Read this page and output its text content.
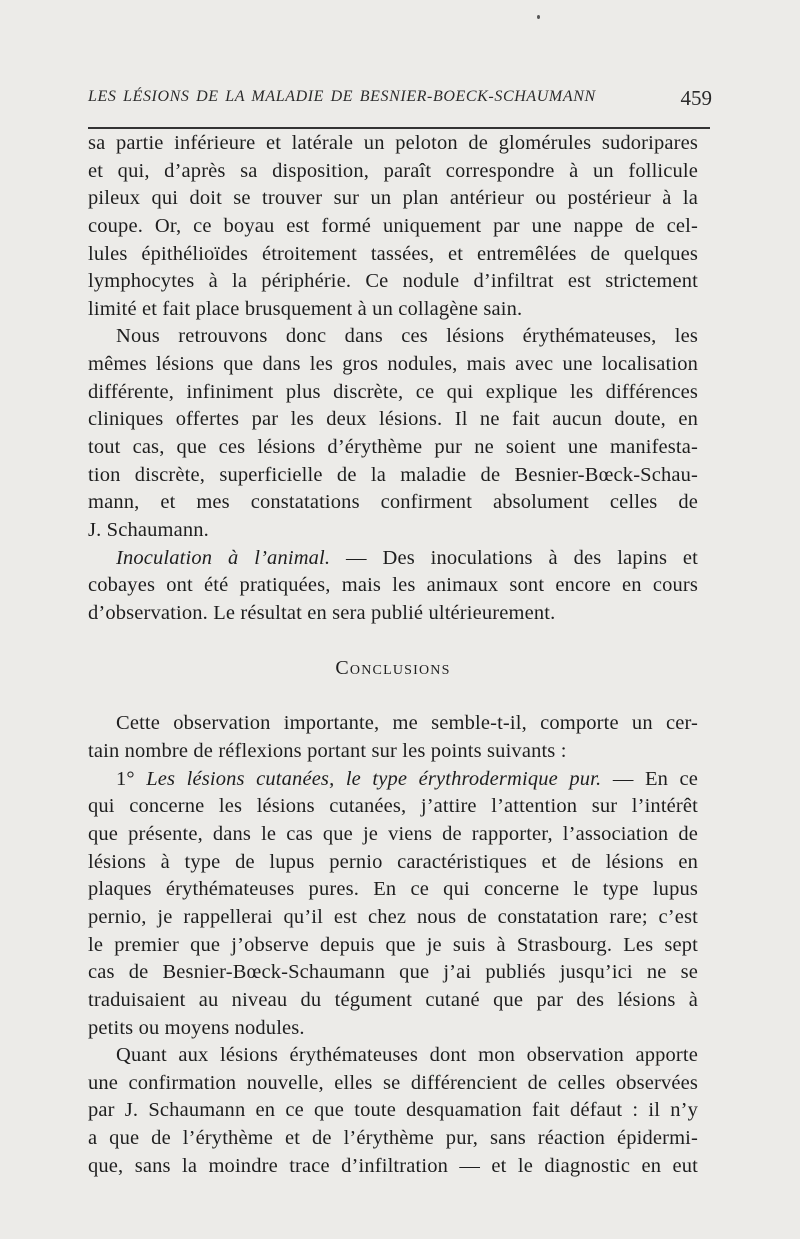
LES LÉSIONS DE LA MALADIE DE BESNIER-BOECK-SCHAUMANN	459
sa partie inférieure et latérale un peloton de glomérules sudoripares
et qui, d’après sa disposition, paraît correspondre à un follicule
pileux qui doit se trouver sur un plan antérieur ou postérieur à la
coupe. Or, ce boyau est formé uniquement par une nappe de cel-
lules épithélioïdes étroitement tassées, et entremêlées de quelques
lymphocytes à la périphérie. Ce nodule d’infiltrat est strictement
limité et fait place brusquement à un collagène sain.
Nous retrouvons donc dans ces lésions érythémateuses, les
mêmes lésions que dans les gros nodules, mais avec une localisation
différente, infiniment plus discrète, ce qui explique les différences
cliniques offertes par les deux lésions. Il ne fait aucun doute, en
tout cas, que ces lésions d’érythème pur ne soient une manifesta-
tion discrète, superficielle de la maladie de Besnier-Bœck-Schau-
mann, et mes constatations confirment absolument celles de
J. Schaumann.
Inoculation à l’animal. — Des inoculations à des lapins et
cobayes ont été pratiquées, mais les animaux sont encore en cours
d’observation. Le résultat en sera publié ultérieurement.
Conclusions
Cette observation importante, me semble-t-il, comporte un cer-
tain nombre de réflexions portant sur les points suivants :
1° Les lésions cutanées, le type érythrodermique pur. — En ce
qui concerne les lésions cutanées, j’attire l’attention sur l’intérêt
que présente, dans le cas que je viens de rapporter, l’association de
lésions à type de lupus pernio caractéristiques et de lésions en
plaques érythémateuses pures. En ce qui concerne le type lupus
pernio, je rappellerai qu’il est chez nous de constatation rare; c’est
le premier que j’observe depuis que je suis à Strasbourg. Les sept
cas de Besnier-Bœck-Schaumann que j’ai publiés jusqu’ici ne se
traduisaient au niveau du tégument cutané que par des lésions à
petits ou moyens nodules.
Quant aux lésions érythémateuses dont mon observation apporte
une confirmation nouvelle, elles se différencient de celles observées
par J. Schaumann en ce que toute desquamation fait défaut : il n’y
a que de l’érythème et de l’érythème pur, sans réaction épidermi-
que, sans la moindre trace d’infiltration — et le diagnostic en eut
